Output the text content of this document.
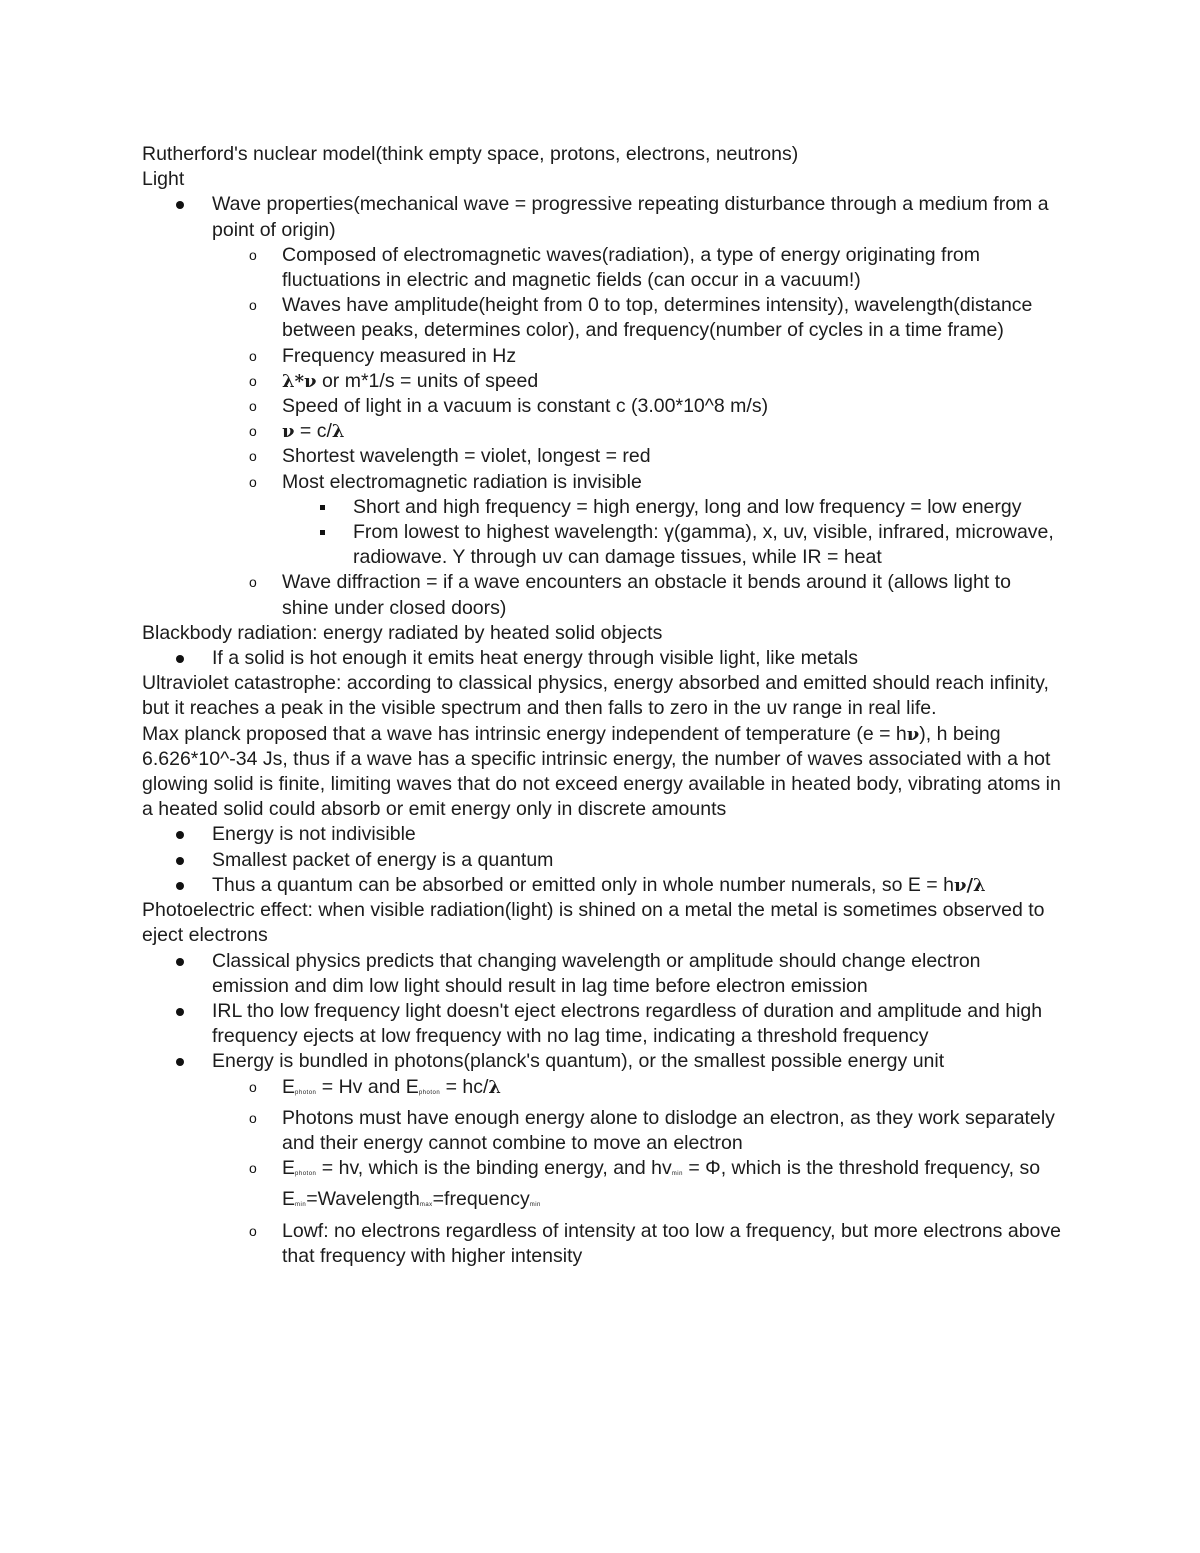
Rutherford's nuclear model(think empty space, protons, electrons, neutrons)

Light

Wave properties(mechanical wave = progressive repeating disturbance through a medium from a point of origin)
o Composed of electromagnetic waves(radiation), a type of energy originating from fluctuations in electric and magnetic fields (can occur in a vacuum!)
o Waves have amplitude(height from 0 to top, determines intensity), wavelength(distance between peaks, determines color), and frequency(number of cycles in a time frame)
o Frequency measured in Hz
o λ*ν or m*1/s = units of speed
o Speed of light in a vacuum is constant c (3.00*10^8 m/s)
o ν = c/λ
o Shortest wavelength = violet, longest = red
o Most electromagnetic radiation is invisible
Short and high frequency = high energy, long and low frequency = low energy
From lowest to highest wavelength: γ(gamma), x, uv, visible, infrared, microwave, radiowave. Y through uv can damage tissues, while IR = heat
o Wave diffraction = if a wave encounters an obstacle it bends around it (allows light to shine under closed doors)

Blackbody radiation: energy radiated by heated solid objects

If a solid is hot enough it emits heat energy through visible light, like metals

Ultraviolet catastrophe: according to classical physics, energy absorbed and emitted should reach infinity, but it reaches a peak in the visible spectrum and then falls to zero in the uv range in real life.

Max planck proposed that a wave has intrinsic energy independent of temperature (e = hν), h being 6.626*10^-34 Js, thus if a wave has a specific intrinsic energy, the number of waves associated with a hot glowing solid is finite, limiting waves that do not exceed energy available in heated body, vibrating atoms in a heated solid could absorb or emit energy only in discrete amounts

Energy is not indivisible
Smallest packet of energy is a quantum
Thus a quantum can be absorbed or emitted only in whole number numerals, so E = hν/λ

Photoelectric effect: when visible radiation(light) is shined on a metal the metal is sometimes observed to eject electrons

Classical physics predicts that changing wavelength or amplitude should change electron emission and dim low light should result in lag time before electron emission
IRL tho low frequency light doesn't eject electrons regardless of duration and amplitude and high frequency ejects at low frequency with no lag time, indicating a threshold frequency
Energy is bundled in photons(planck's quantum), or the smallest possible energy unit
o Ephoton = Hv and Ephoton = hc/λ
o Photons must have enough energy alone to dislodge an electron, as they work separately and their energy cannot combine to move an electron
o Ephoton = hv, which is the binding energy, and hvmin = Φ, which is the threshold frequency, so Emin=Wavelengthmax=frequencymin
o Lowf: no electrons regardless of intensity at too low a frequency, but more electrons above that frequency with higher intensity
